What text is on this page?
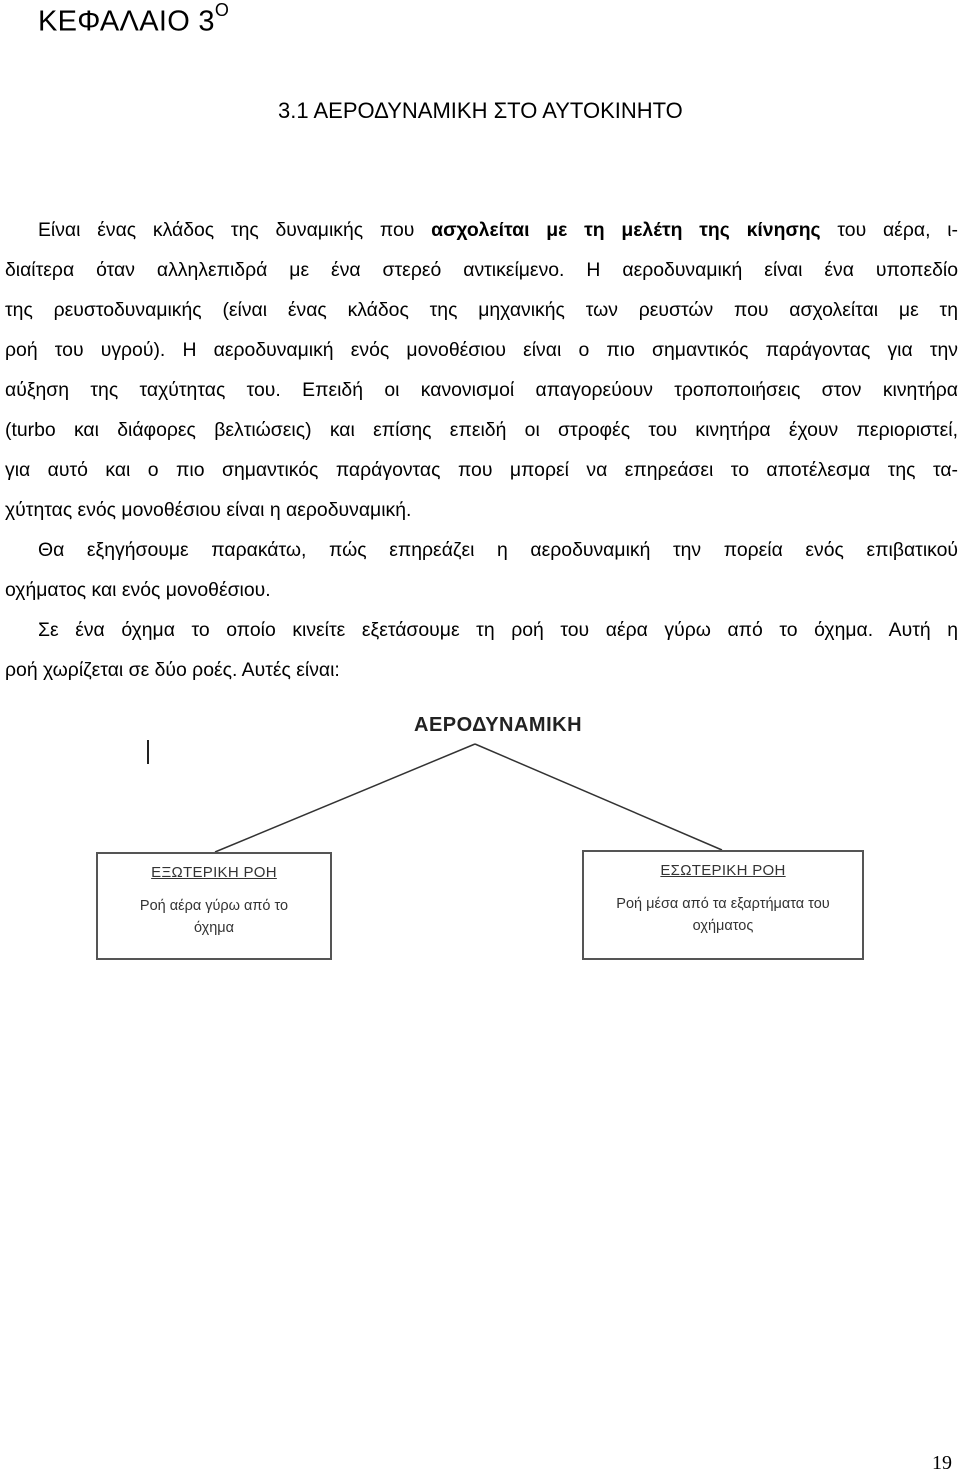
ΚΕΦΑΛΑΙΟ $3^O$
3.1 ΑΕΡΟΔΥΝΑΜΙΚΗ ΣΤΟ ΑΥΤΟΚΙΝΗΤΟ
Είναι ένας κλάδος της δυναμικής που ασχολείται με τη μελέτη της κίνησης του αέρα, ι-
διαίτερα όταν αλληλεπιδρά με ένα στερεό αντικείμενο. Η αεροδυναμική είναι ένα υποπεδίο
της ρευστοδυναμικής (είναι ένας κλάδος της μηχανικής των ρευστών που ασχολείται με τη
ροή του υγρού). Η αεροδυναμική ενός μονοθέσιου είναι ο πιο σημαντικός παράγοντας για την
αύξηση της ταχύτητας του. Επειδή οι κανονισμοί απαγορεύουν τροποποιήσεις στον κινητήρα
(turbo και διάφορες βελτιώσεις) και επίσης επειδή οι στροφές του κινητήρα έχουν περιοριστεί,
για αυτό και ο πιο σημαντικός παράγοντας που μπορεί να επηρεάσει το αποτέλεσμα της τα-
χύτητας ενός μονοθέσιου είναι η αεροδυναμική.
Θα εξηγήσουμε παρακάτω, πώς επηρεάζει η αεροδυναμική την πορεία ενός επιβατικού
οχήματος και ενός μονοθέσιου.
Σε ένα όχημα το οποίο κινείτε εξετάσουμε τη ροή του αέρα γύρω από το όχημα. Αυτή η
ροή χωρίζεται σε δύο ροές. Αυτές είναι:
ΑΕΡΟΔΥΝΑΜΙΚΗ
ΕΞΩΤΕΡΙΚΗ ΡΟΗ
Ροή αέρα γύρω από το όχημα
ΕΣΩΤΕΡΙΚΗ ΡΟΗ
Ροή μέσα από τα εξαρτήματα του οχήματος
19
